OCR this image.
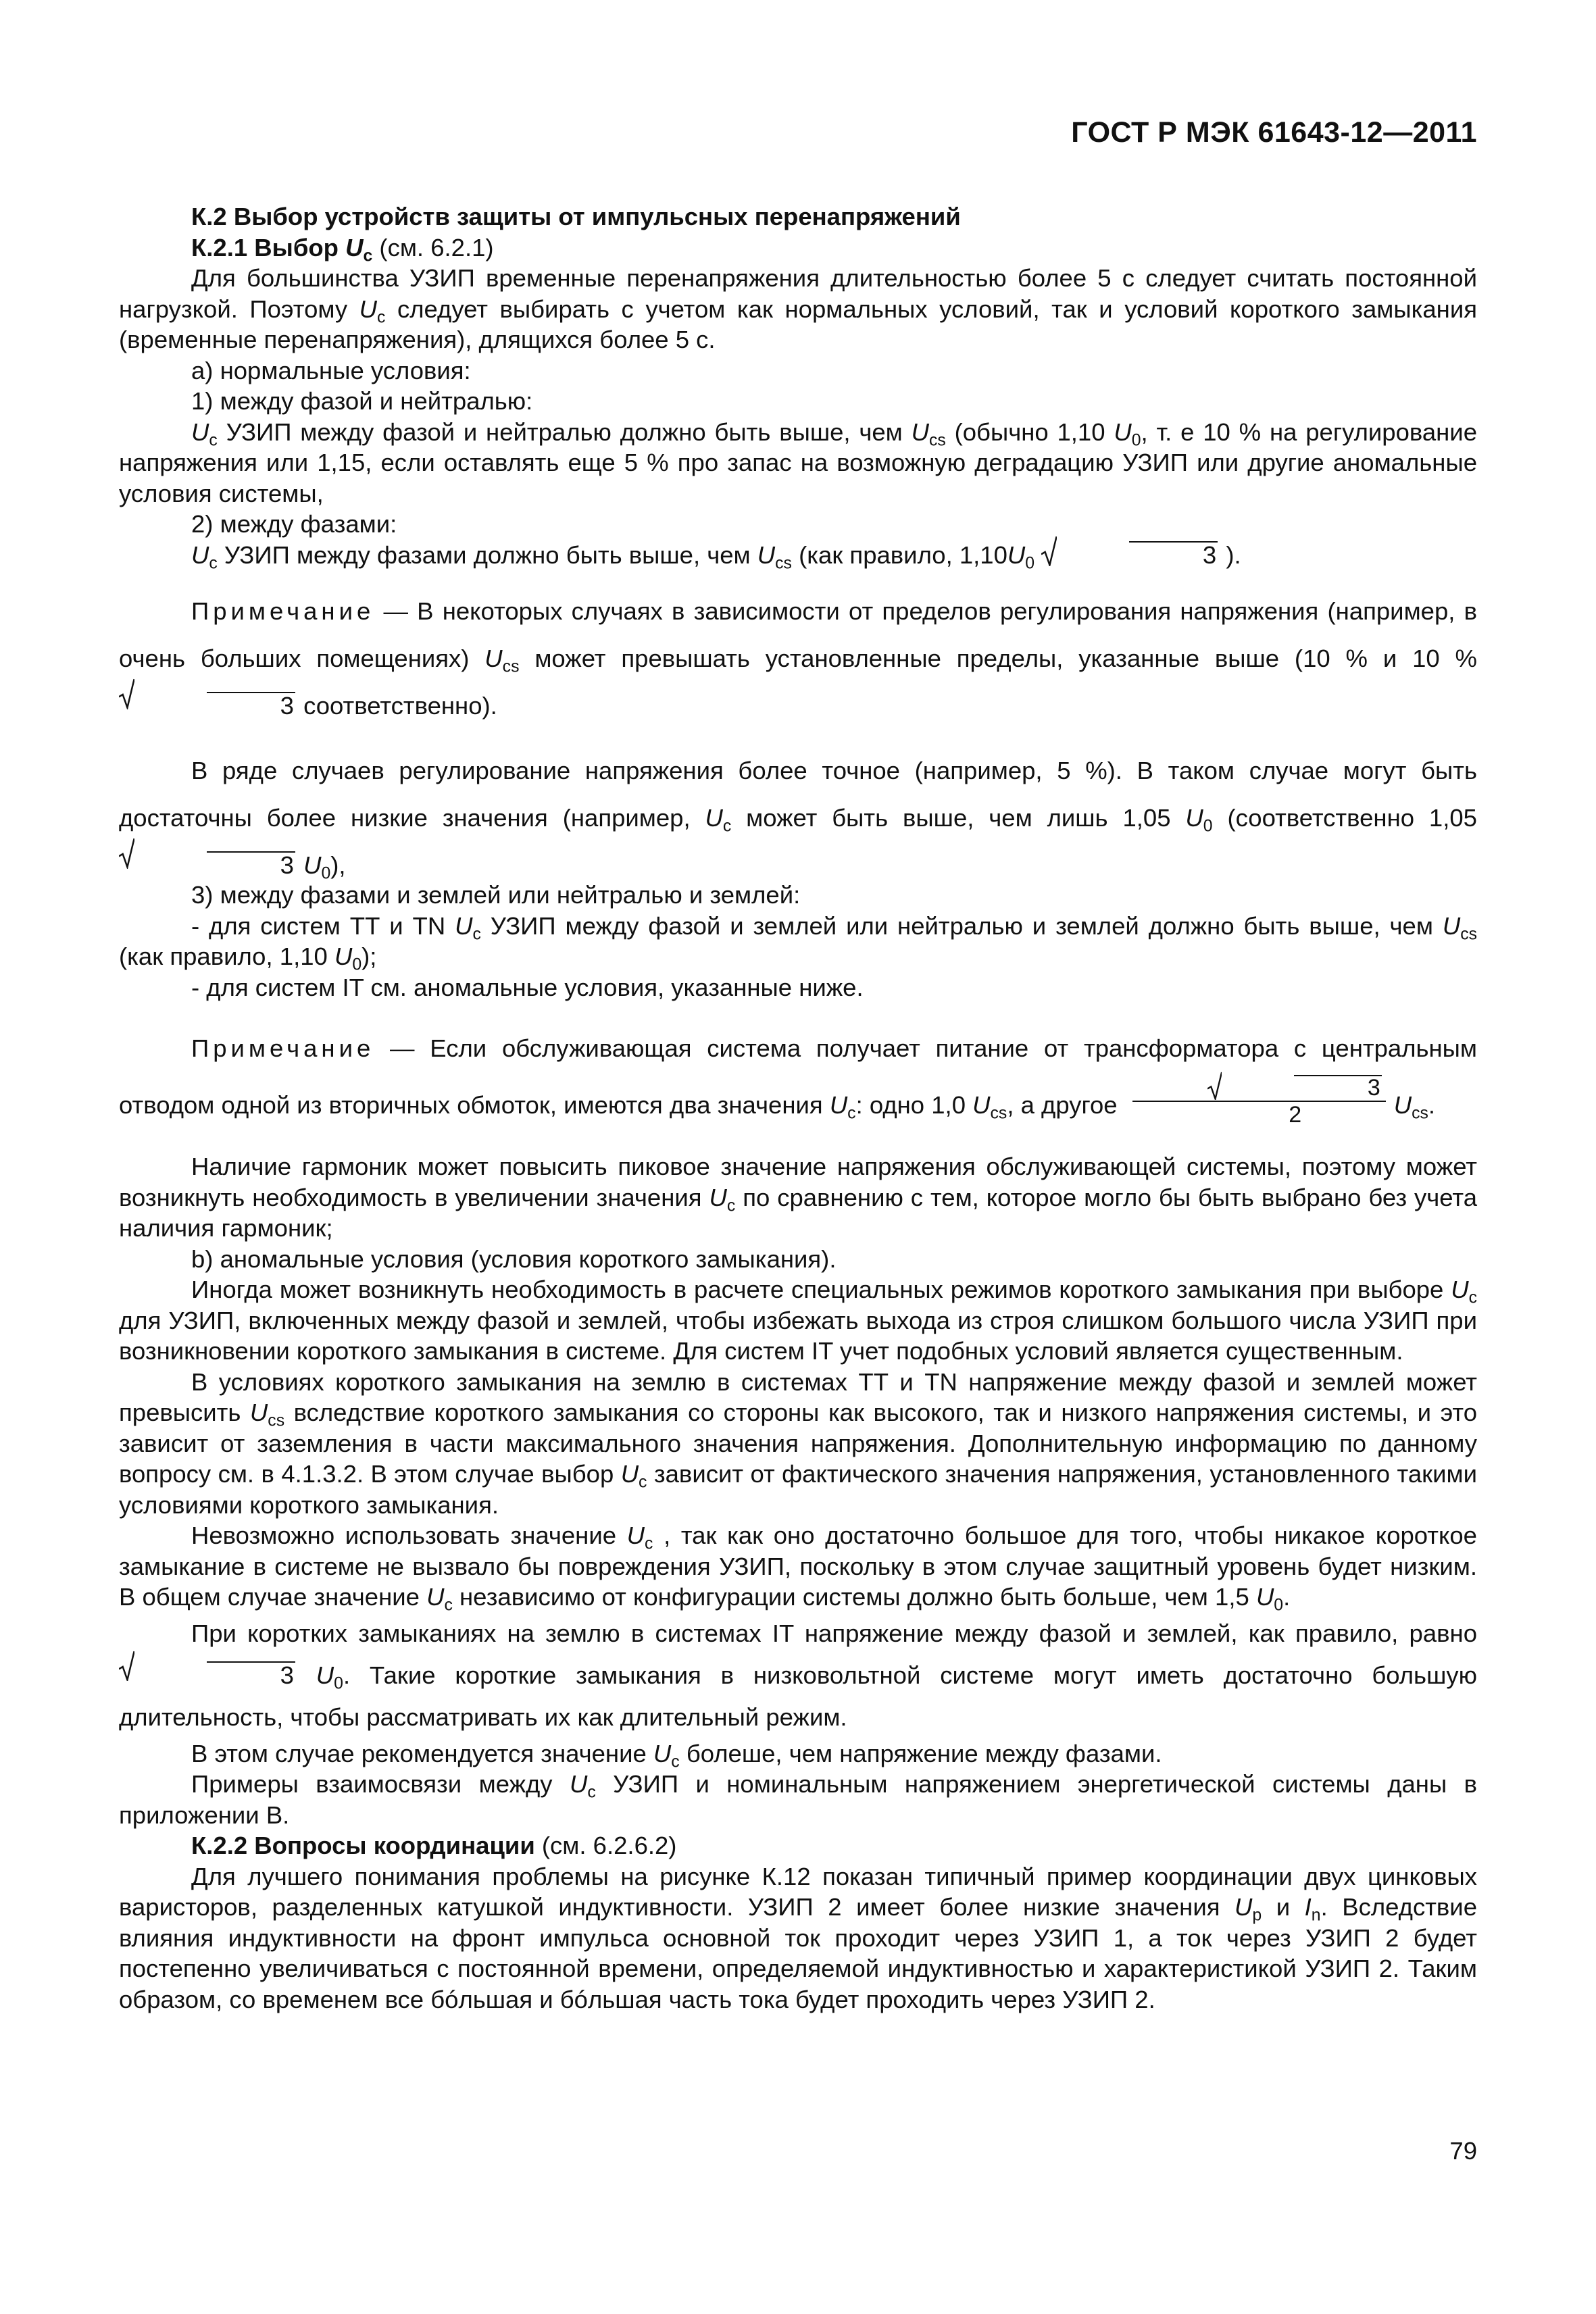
ГОСТ Р МЭК 61643-12—2011

К.2 Выбор устройств защиты от импульсных перенапряжений

К.2.1 Выбор $U_c$ (см. 6.2.1)

Для большинства УЗИП временные перенапряжения длительностью более 5 с следует считать постоянной нагрузкой. Поэтому $U_c$ следует выбирать с учетом как нормальных условий, так и условий короткого замыкания (временные перенапряжения), длящихся более 5 с.

а) нормальные условия:

1) между фазой и нейтралью:

$U_c$ УЗИП между фазой и нейтралью должно быть выше, чем $U_{cs}$ (обычно 1,10 $U_0$, т. е 10 % на регулирование напряжения или 1,15, если оставлять еще 5 % про запас на возможную деградацию УЗИП или другие аномальные условия системы,

2) между фазами:

$U_c$ УЗИП между фазами должно быть выше, чем $U_{cs}$ (как правило, $1,10U_0$	3 ).

Примечание — В некоторых случаях в зависимости от пределов регулирования напряжения (например, в очень больших помещениях) $U_{cs}$ может превышать установленные пределы, указанные выше (10 % и 10 %
3 соответственно).

В ряде случаев регулирование напряжения более точное (например, 5 %). В таком случае могут быть достаточны более низкие значения (например, $U_c$ может быть выше, чем лишь 1,05 $U_0$ (соответственно 1,05
3 $U_0$),

3) между фазами и землей или нейтралью и землей:

- для систем ТТ и TN $U_c$ УЗИП между фазой и землей или нейтралью и землей должно быть выше, чем $U_{cs}$ (как правило, 1,10 $U_0$);

- для систем IT см. аномальные условия, указанные ниже.

Примечание — Если обслуживающая система получает питание от трансформатора с центральным отводом одной из вторичных обмоток, имеются два значения $U_c$: одно 1,0 $U_{cs}$, а другое $\frac{3}{2} U_{cs}$.

Наличие гармоник может повысить пиковое значение напряжения обслуживающей системы, поэтому может возникнуть необходимость в увеличении значения $U_c$ по сравнению с тем, которое могло бы быть выбрано без учета наличия гармоник;

b) аномальные условия (условия короткого замыкания).

Иногда может возникнуть необходимость в расчете специальных режимов короткого замыкания при выборе $U_c$ для УЗИП, включенных между фазой и землей, чтобы избежать выхода из строя слишком большого числа УЗИП при возникновении короткого замыкания в системе. Для систем IT учет подобных условий является существенным.

В условиях короткого замыкания на землю в системах ТТ и TN напряжение между фазой и землей может превысить $U_{cs}$ вследствие короткого замыкания со стороны как высокого, так и низкого напряжения системы, и это зависит от заземления в части максимального значения напряжения. Дополнительную информацию по данному вопросу см. в 4.1.3.2. В этом случае выбор $U_c$ зависит от фактического значения напряжения, установленного такими условиями короткого замыкания.

Невозможно использовать значение $U_c$ , так как оно достаточно большое для того, чтобы никакое короткое замыкание в системе не вызвало бы повреждения УЗИП, поскольку в этом случае защитный уровень будет низким. В общем случае значение $U_c$ независимо от конфигурации системы должно быть больше, чем 1,5 $U_0$.

При коротких замыканиях на землю в системах IT напряжение между фазой и землей, как правило, равно
3 $U_0$. Такие короткие замыкания в низковольтной системе могут иметь достаточно большую длительность, чтобы рассматривать их как длительный режим.

В этом случае рекомендуется значение $U_c$ болеше, чем напряжение между фазами.

Примеры взаимосвязи между $U_c$ УЗИП и номинальным напряжением энергетической системы даны в приложении В.

К.2.2 Вопросы координации (см. 6.2.6.2)

Для лучшего понимания проблемы на рисунке К.12 показан типичный пример координации двух цинковых варисторов, разделенных катушкой индуктивности. УЗИП 2 имеет более низкие значения $U_p$ и $I_n$. Вследствие влияния индуктивности на фронт импульса основной ток проходит через УЗИП 1, а ток через УЗИП 2 будет постепенно увеличиваться с постоянной времени, определяемой индуктивностью и характеристикой УЗИП 2. Таким образом, со временем все бóльшая и бóльшая часть тока будет проходить через УЗИП 2.

79
